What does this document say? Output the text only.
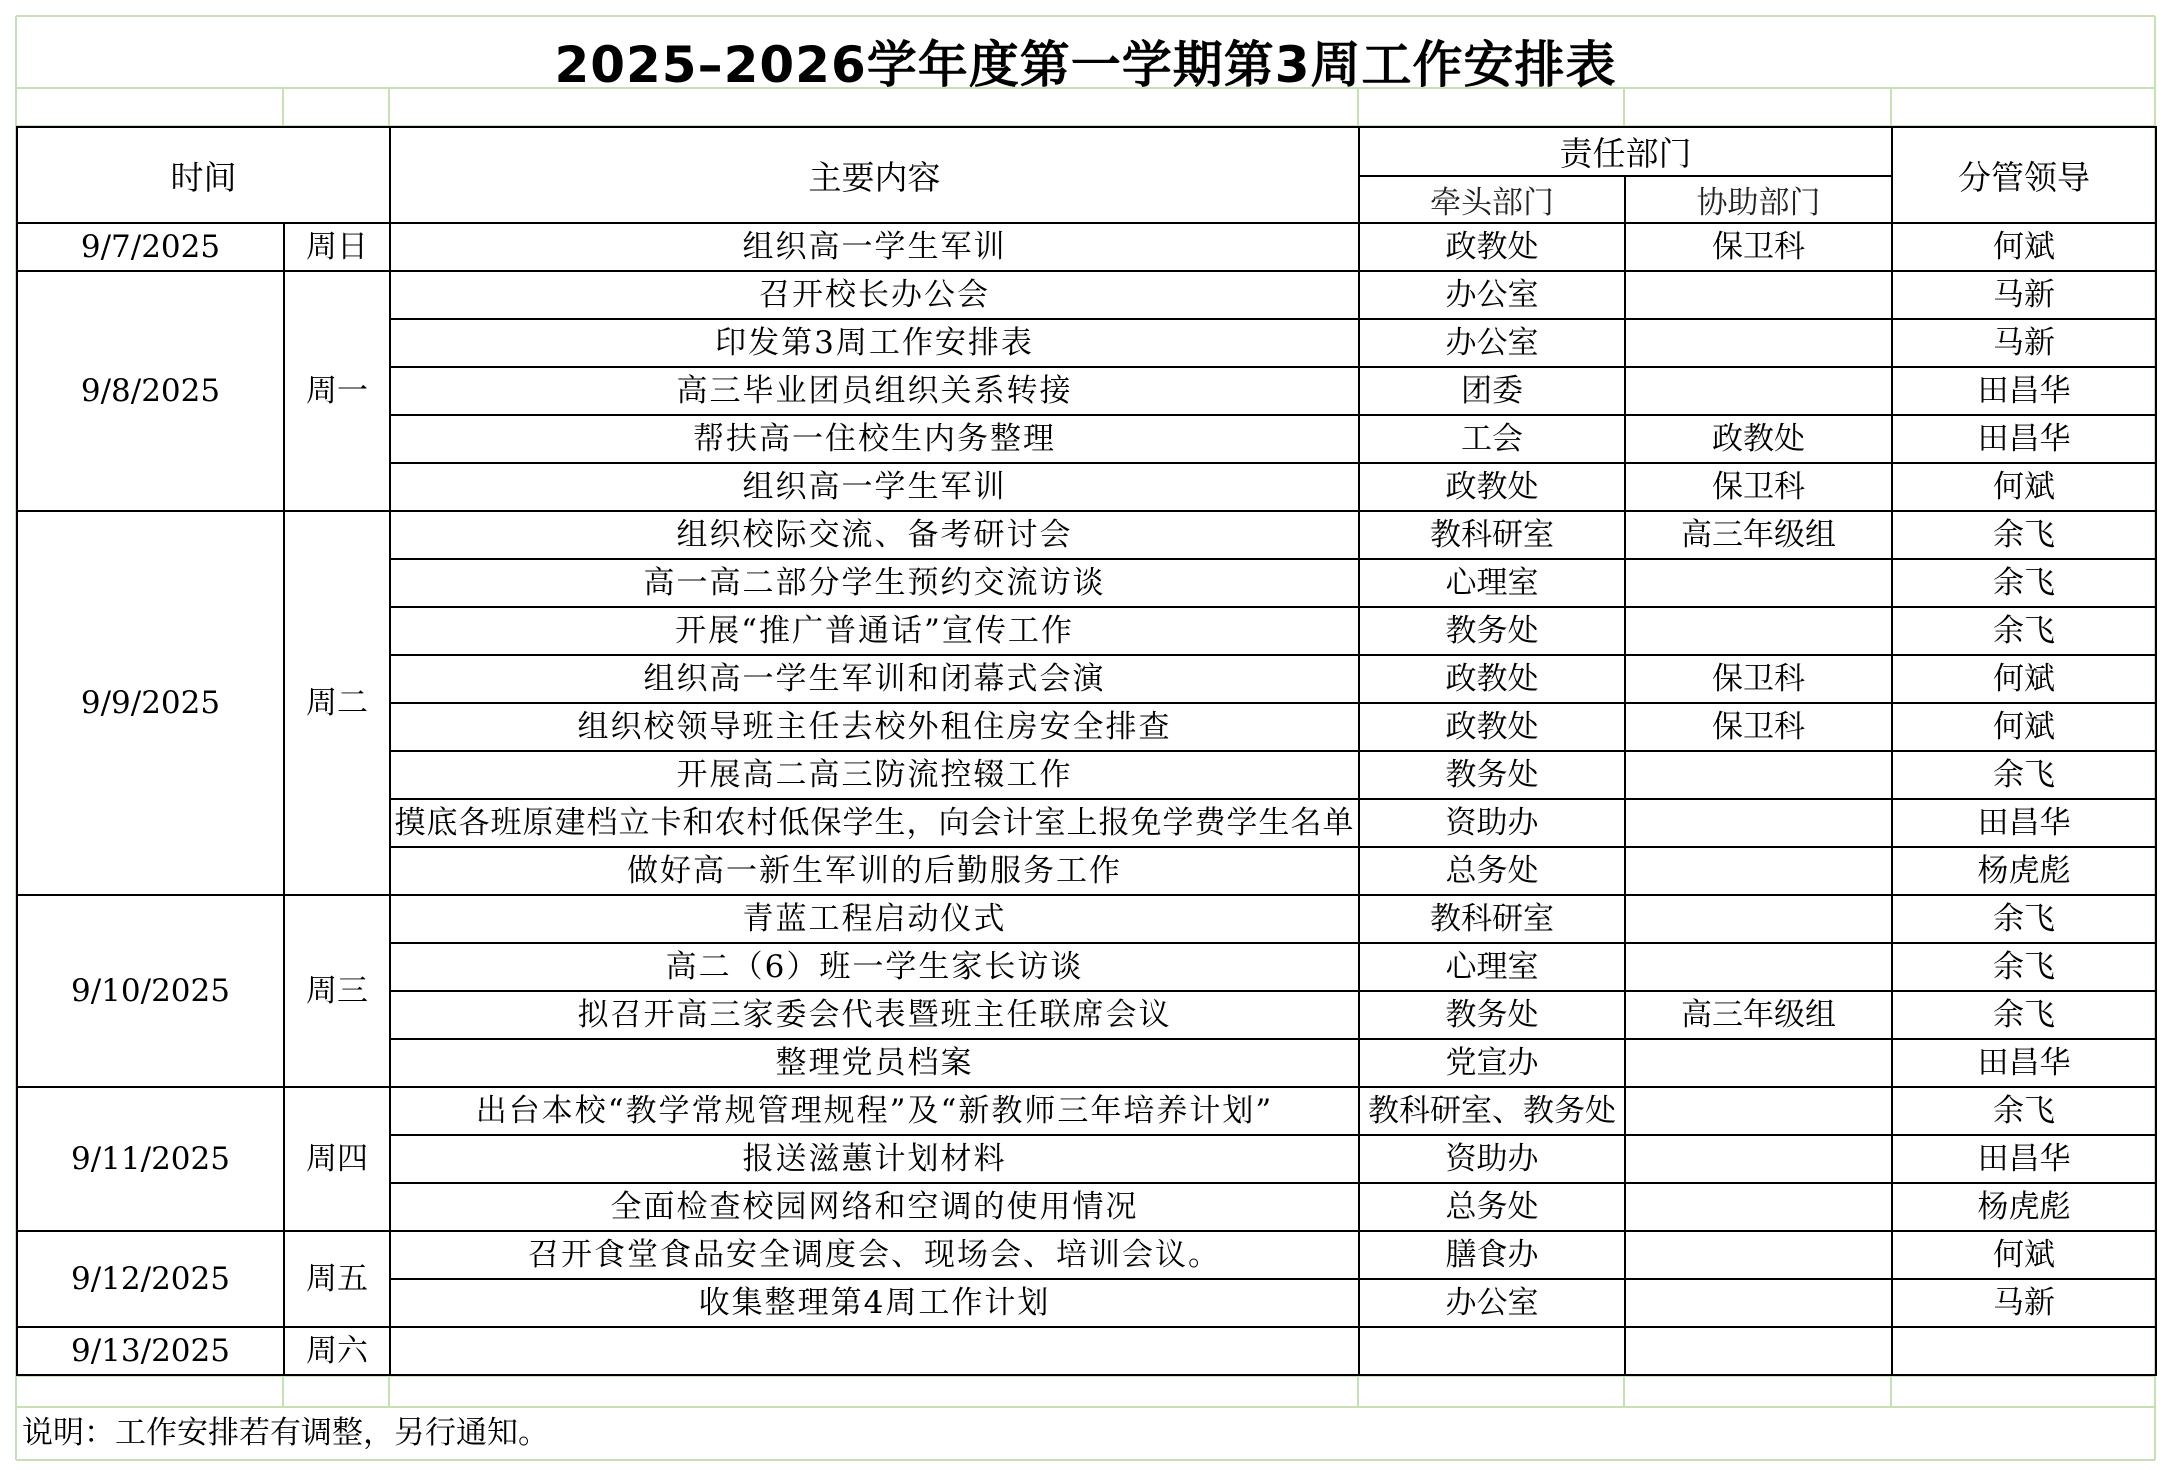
2025–2026学年度第一学期第3周工作安排表
时间		主要内容	责任部门		分管领导
			牵头部门	协助部门	
9/7/2025	周日	组织高一学生军训	政教处	保卫科	何斌
9/8/2025	周一	召开校长办公会	办公室		马新
		印发第3周工作安排表	办公室		马新
		高三毕业团员组织关系转接	团委		田昌华
		帮扶高一住校生内务整理	工会	政教处	田昌华
		组织高一学生军训	政教处	保卫科	何斌
9/9/2025	周二	组织校际交流、备考研讨会	教科研室	高三年级组	余飞
		高一高二部分学生预约交流访谈	心理室		余飞
		开展“推广普通话”宣传工作	教务处		余飞
		组织高一学生军训和闭幕式会演	政教处	保卫科	何斌
		组织校领导班主任去校外租住房安全排查	政教处	保卫科	何斌
		开展高二高三防流控辍工作	教务处		余飞
		摸底各班原建档立卡和农村低保学生，向会计室上报免学费学生名单	资助办		田昌华
		做好高一新生军训的后勤服务工作	总务处		杨虎彪
9/10/2025	周三	青蓝工程启动仪式	教科研室		余飞
		高二（6）班一学生家长访谈	心理室		余飞
		拟召开高三家委会代表暨班主任联席会议	教务处	高三年级组	余飞
		整理党员档案	党宣办		田昌华
9/11/2025	周四	出台本校“教学常规管理规程”及“新教师三年培养计划”	教科研室、教务处		余飞
		报送滋蕙计划材料	资助办		田昌华
		全面检查校园网络和空调的使用情况	总务处		杨虎彪
9/12/2025	周五	召开食堂食品安全调度会、现场会、培训会议。	膳食办		何斌
		收集整理第4周工作计划	办公室		马新
9/13/2025	周六				
说明：工作安排若有调整，另行通知。
